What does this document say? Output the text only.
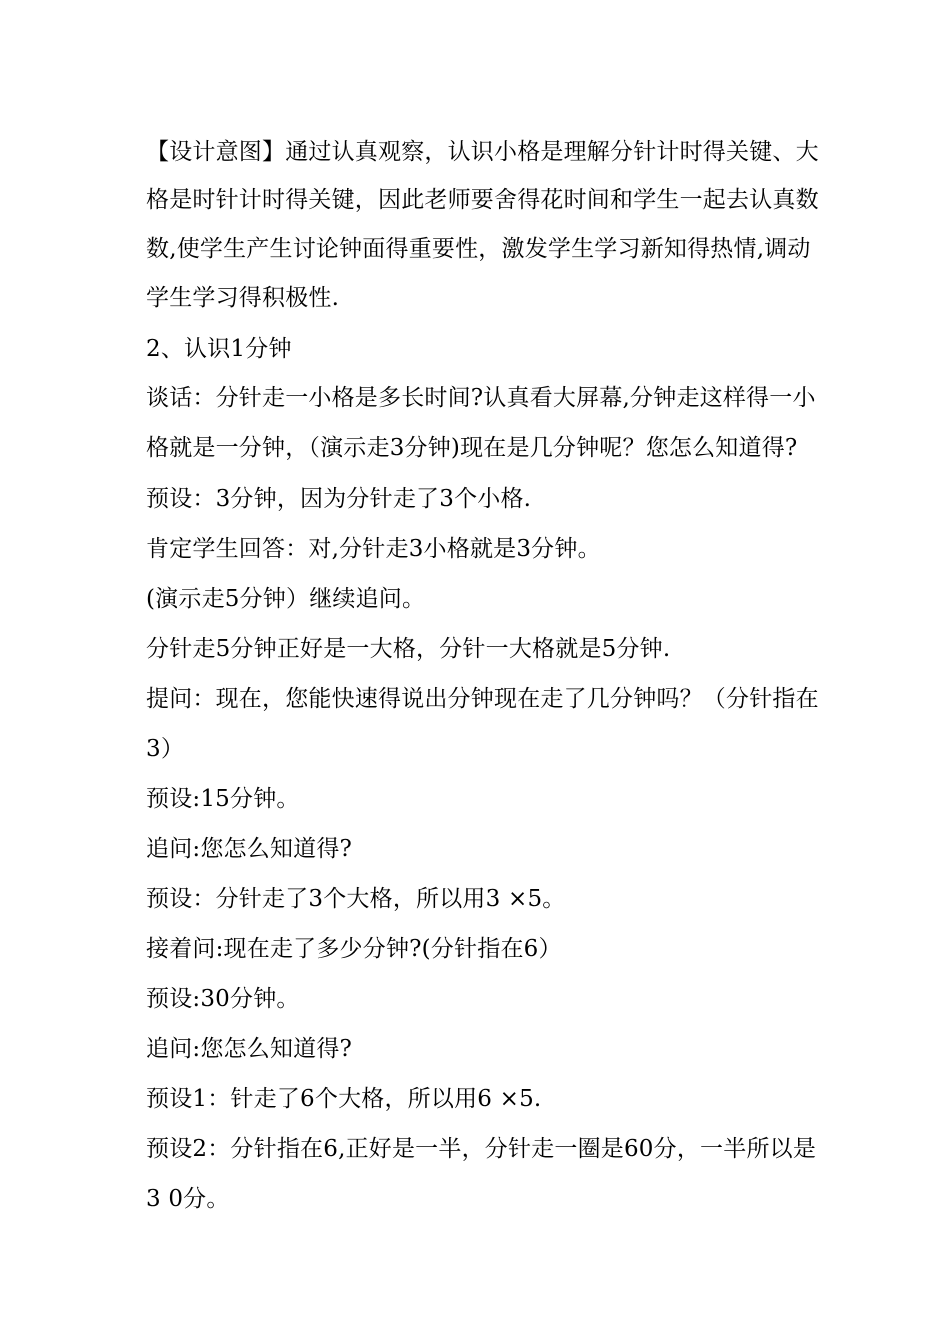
【设计意图】通过认真观察，认识小格是理解分针计时得关键、大
格是时针计时得关键，因此老师要舍得花时间和学生一起去认真数
数,使学生产生讨论钟面得重要性，激发学生学习新知得热情,调动
学生学习得积极性.
2、认识1分钟
谈话：分针走一小格是多长时间?认真看大屏幕,分钟走这样得一小
格就是一分钟，（演示走3分钟)现在是几分钟呢？您怎么知道得?
预设：3分钟，因为分针走了3个小格.
肯定学生回答：对,分针走3小格就是3分钟。
(演示走5分钟）继续追问。
分针走5分钟正好是一大格，分针一大格就是5分钟.
提问：现在，您能快速得说出分钟现在走了几分钟吗？（分针指在
3）
预设:15分钟。
追问:您怎么知道得?
预设：分针走了3个大格，所以用3 ×5。
接着问:现在走了多少分钟?(分针指在6）
预设:30分钟。
追问:您怎么知道得?
预设1：针走了6个大格，所以用6 ×5.
预设2：分针指在6,正好是一半，分针走一圈是60分，一半所以是
3 0分。
